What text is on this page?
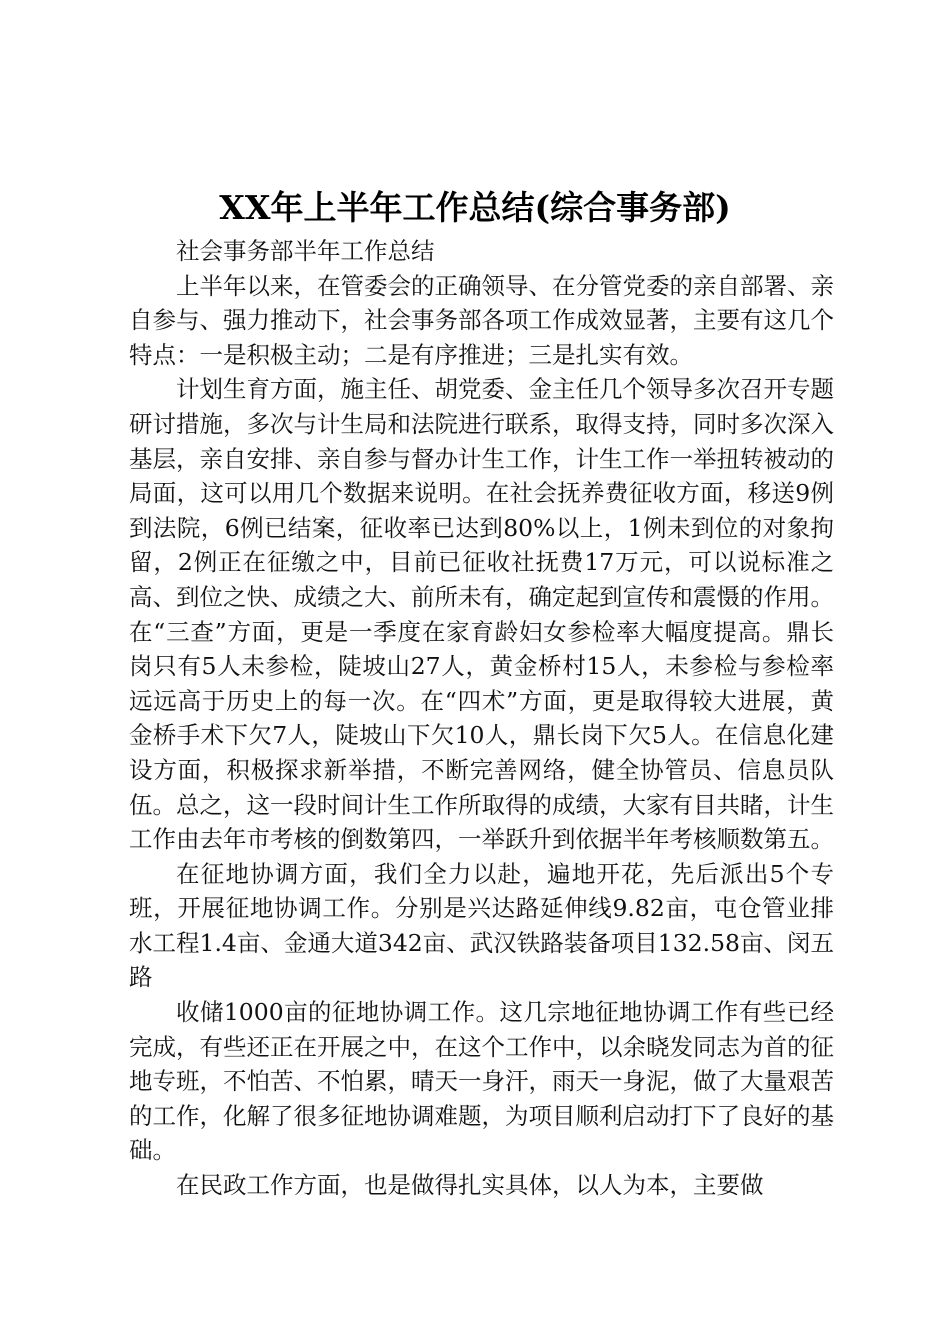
XX年上半年工作总结(综合事务部)

社会事务部半年工作总结

上半年以来，在管委会的正确领导、在分管党委的亲自部署、亲自参与、强力推动下，社会事务部各项工作成效显著，主要有这几个特点：一是积极主动；二是有序推进；三是扎实有效。

计划生育方面，施主任、胡党委、金主任几个领导多次召开专题研讨措施，多次与计生局和法院进行联系，取得支持，同时多次深入基层，亲自安排、亲自参与督办计生工作，计生工作一举扭转被动的局面，这可以用几个数据来说明。在社会抚养费征收方面，移送9例到法院，6例已结案，征收率已达到80%以上，1例未到位的对象拘留，2例正在征缴之中，目前已征收社抚费17万元，可以说标准之高、到位之快、成绩之大、前所未有，确定起到宣传和震慑的作用。在“三查”方面，更是一季度在家育龄妇女参检率大幅度提高。鼎长岗只有5人未参检，陡坡山27人，黄金桥村15人，未参检与参检率远远高于历史上的每一次。在“四术”方面，更是取得较大进展，黄金桥手术下欠7人，陡坡山下欠10人，鼎长岗下欠5人。在信息化建设方面，积极探求新举措，不断完善网络，健全协管员、信息员队伍。总之，这一段时间计生工作所取得的成绩，大家有目共睹，计生工作由去年市考核的倒数第四，一举跃升到依据半年考核顺数第五。

在征地协调方面，我们全力以赴，遍地开花，先后派出5个专班，开展征地协调工作。分别是兴达路延伸线9.82亩，屯仓管业排水工程1.4亩、金通大道342亩、武汉铁路装备项目132.58亩、闵五路

收储1000亩的征地协调工作。这几宗地征地协调工作有些已经完成，有些还正在开展之中，在这个工作中，以余晓发同志为首的征地专班，不怕苦、不怕累，晴天一身汗，雨天一身泥，做了大量艰苦的工作，化解了很多征地协调难题，为项目顺利启动打下了良好的基础。

在民政工作方面，也是做得扎实具体，以人为本，主要做
